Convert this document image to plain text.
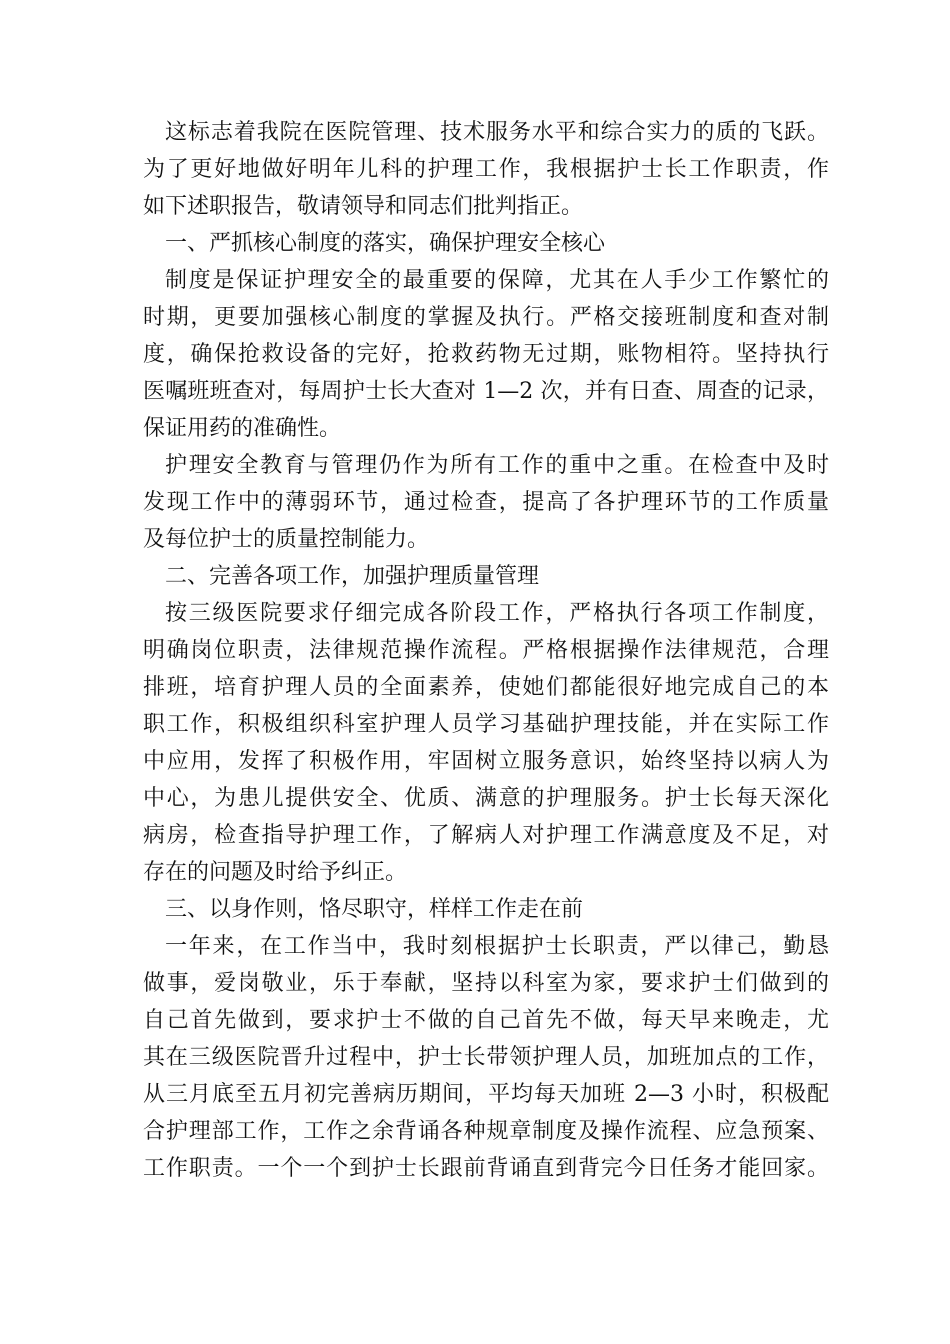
这标志着我院在医院管理、技术服务水平和综合实力的质的飞跃。
为了更好地做好明年儿科的护理工作，我根据护士长工作职责，作
如下述职报告，敬请领导和同志们批判指正。
一、严抓核心制度的落实，确保护理安全核心
制度是保证护理安全的最重要的保障，尤其在人手少工作繁忙的
时期，更要加强核心制度的掌握及执行。严格交接班制度和查对制
度，确保抢救设备的完好，抢救药物无过期，账物相符。坚持执行
医嘱班班查对，每周护士长大查对 1—2 次，并有日查、周查的记录，
保证用药的准确性。
护理安全教育与管理仍作为所有工作的重中之重。在检查中及时
发现工作中的薄弱环节，通过检查，提高了各护理环节的工作质量
及每位护士的质量控制能力。
二、完善各项工作，加强护理质量管理
按三级医院要求仔细完成各阶段工作，严格执行各项工作制度，
明确岗位职责，法律规范操作流程。严格根据操作法律规范，合理
排班，培育护理人员的全面素养，使她们都能很好地完成自己的本
职工作，积极组织科室护理人员学习基础护理技能，并在实际工作
中应用，发挥了积极作用，牢固树立服务意识，始终坚持以病人为
中心，为患儿提供安全、优质、满意的护理服务。护士长每天深化
病房，检查指导护理工作，了解病人对护理工作满意度及不足，对
存在的问题及时给予纠正。
三、以身作则，恪尽职守，样样工作走在前
一年来，在工作当中，我时刻根据护士长职责，严以律己，勤恳
做事，爱岗敬业，乐于奉献，坚持以科室为家，要求护士们做到的
自己首先做到，要求护士不做的自己首先不做，每天早来晚走，尤
其在三级医院晋升过程中，护士长带领护理人员，加班加点的工作，
从三月底至五月初完善病历期间，平均每天加班 2—3 小时，积极配
合护理部工作，工作之余背诵各种规章制度及操作流程、应急预案、
工作职责。一个一个到护士长跟前背诵直到背完今日任务才能回家。
